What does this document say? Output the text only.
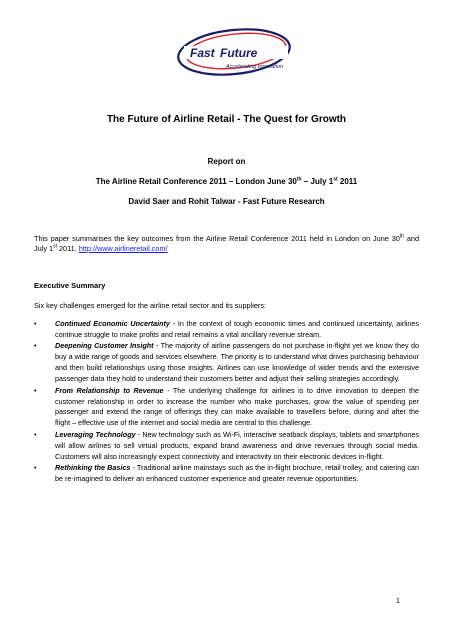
Fast Future
Accelerating Innovation
The Future of Airline Retail - The Quest for Growth
Report on
The Airline Retail Conference 2011 – London June 30th – July 1st 2011
David Saer and Rohit Talwar - Fast Future Research
This paper summarises the key outcomes from the Airline Retail Conference 2011 held in London on June 30th and July 1st 2011. http://www.airlineretail.com/
Executive Summary
Six key challenges emerged for the airline retail sector and its suppliers:
•	Continued Economic Uncertainty - In the context of tough economic times and continued uncertainty, airlines continue struggle to make profits and retail remains a vital ancillary revenue stream.
•	Deepening Customer Insight - The majority of airline passengers do not purchase in-flight yet we know they do buy a wide range of goods and services elsewhere. The priority is to understand what drives purchasing behaviour and then build relationships using those insights. Airlines can use knowledge of wider trends and the extensive passenger data they hold to understand their customers better and adjust their selling strategies accordingly.
•	From Relationship to Revenue - The underlying challenge for airlines is to drive innovation to deepen the customer relationship in order to increase the number who make purchases, grow the value of spending per passenger and extend the range of offerings they can make available to travellers before, during and after the flight – effective use of the internet and social media are central to this challenge.
•	Leveraging Technology - New technology such as Wi-Fi, interactive seatback displays, tablets and smartphones will allow airlines to sell virtual products, expand brand awareness and drive revenues through social media. Customers will also increasingly expect connectivity and interactivity on their electronic devices in-flight.
•	Rethinking the Basics - Traditional airline mainstays such as the in-flight brochure, retail trolley, and catering can be re-imagined to deliver an enhanced customer experience and greater revenue opportunities.
1
